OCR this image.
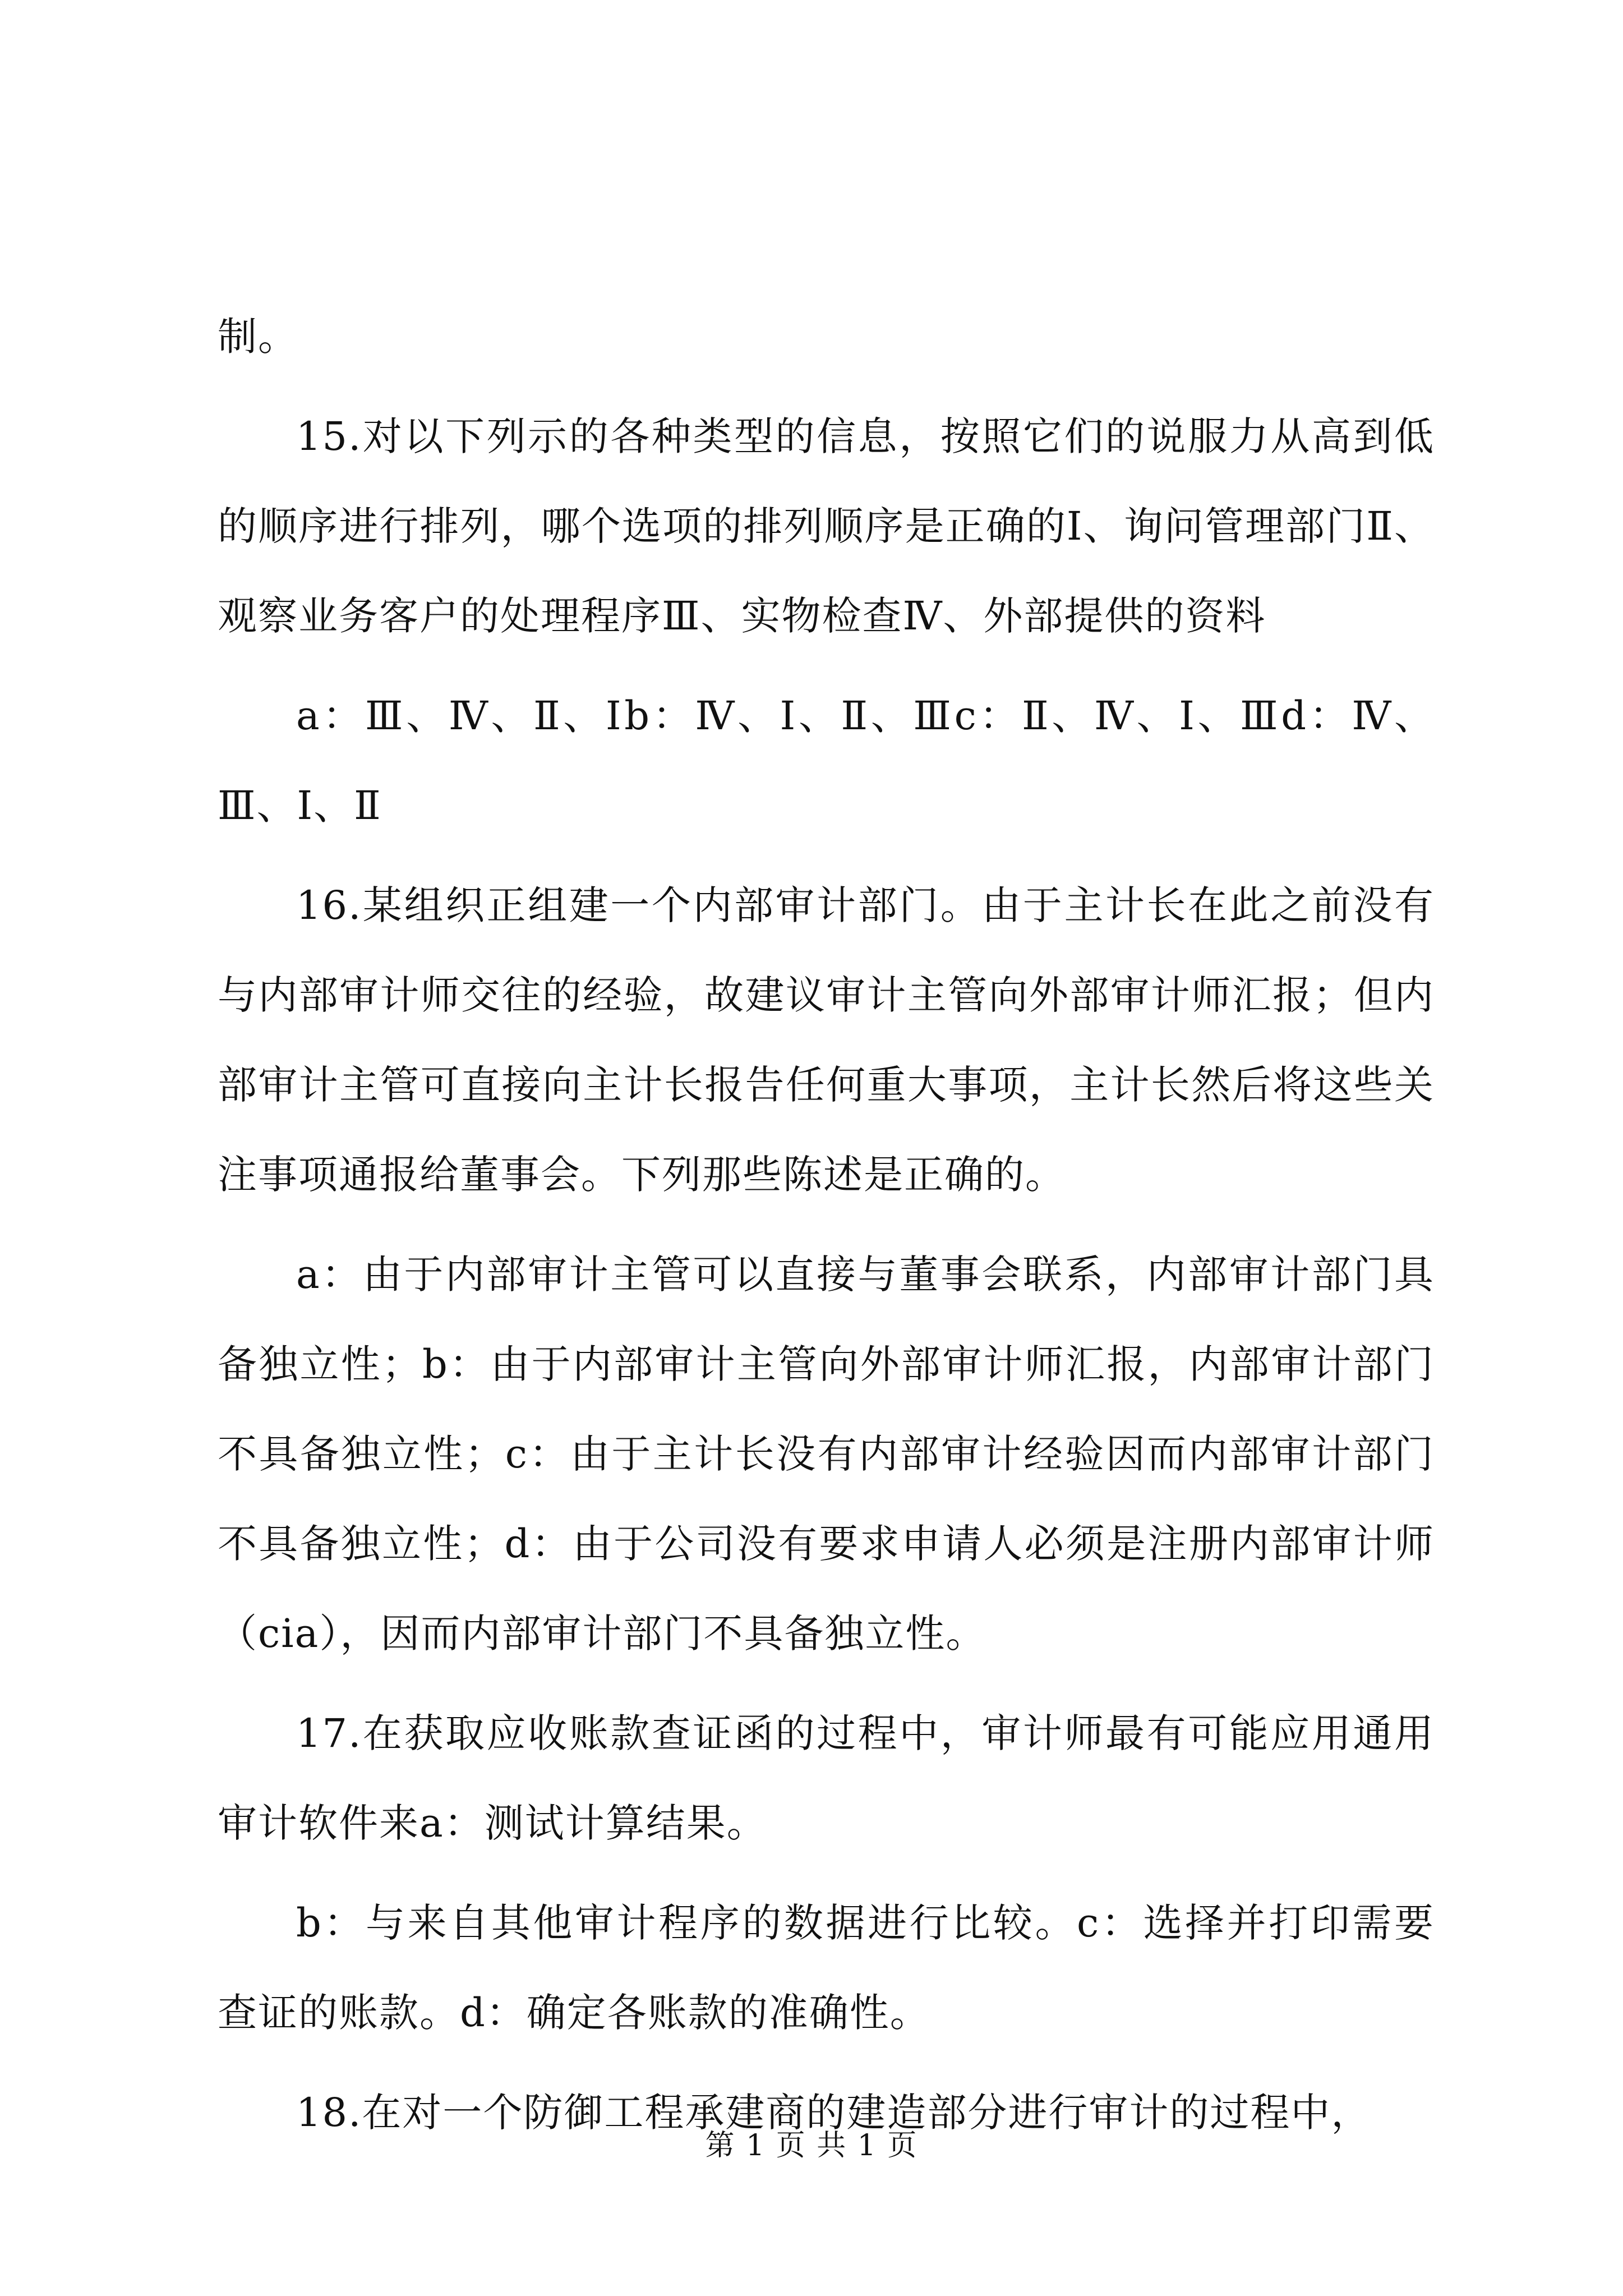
制。

15.对以下列示的各种类型的信息，按照它们的说服力从高到低的顺序进行排列，哪个选项的排列顺序是正确的Ⅰ、询问管理部门Ⅱ、观察业务客户的处理程序Ⅲ、实物检查Ⅳ、外部提供的资料

a：Ⅲ、Ⅳ、Ⅱ、Ⅰb：Ⅳ、Ⅰ、Ⅱ、Ⅲc：Ⅱ、Ⅳ、Ⅰ、Ⅲd：Ⅳ、Ⅲ、Ⅰ、Ⅱ

16.某组织正组建一个内部审计部门。由于主计长在此之前没有与内部审计师交往的经验，故建议审计主管向外部审计师汇报；但内部审计主管可直接向主计长报告任何重大事项，主计长然后将这些关注事项通报给董事会。下列那些陈述是正确的。

a：由于内部审计主管可以直接与董事会联系，内部审计部门具备独立性；b：由于内部审计主管向外部审计师汇报，内部审计部门不具备独立性；c：由于主计长没有内部审计经验因而内部审计部门不具备独立性；d：由于公司没有要求申请人必须是注册内部审计师（cia），因而内部审计部门不具备独立性。

17.在获取应收账款查证函的过程中，审计师最有可能应用通用审计软件来a：测试计算结果。

b：与来自其他审计程序的数据进行比较。c：选择并打印需要查证的账款。d：确定各账款的准确性。

18.在对一个防御工程承建商的建造部分进行审计的过程中，

第 1 页 共 1 页
